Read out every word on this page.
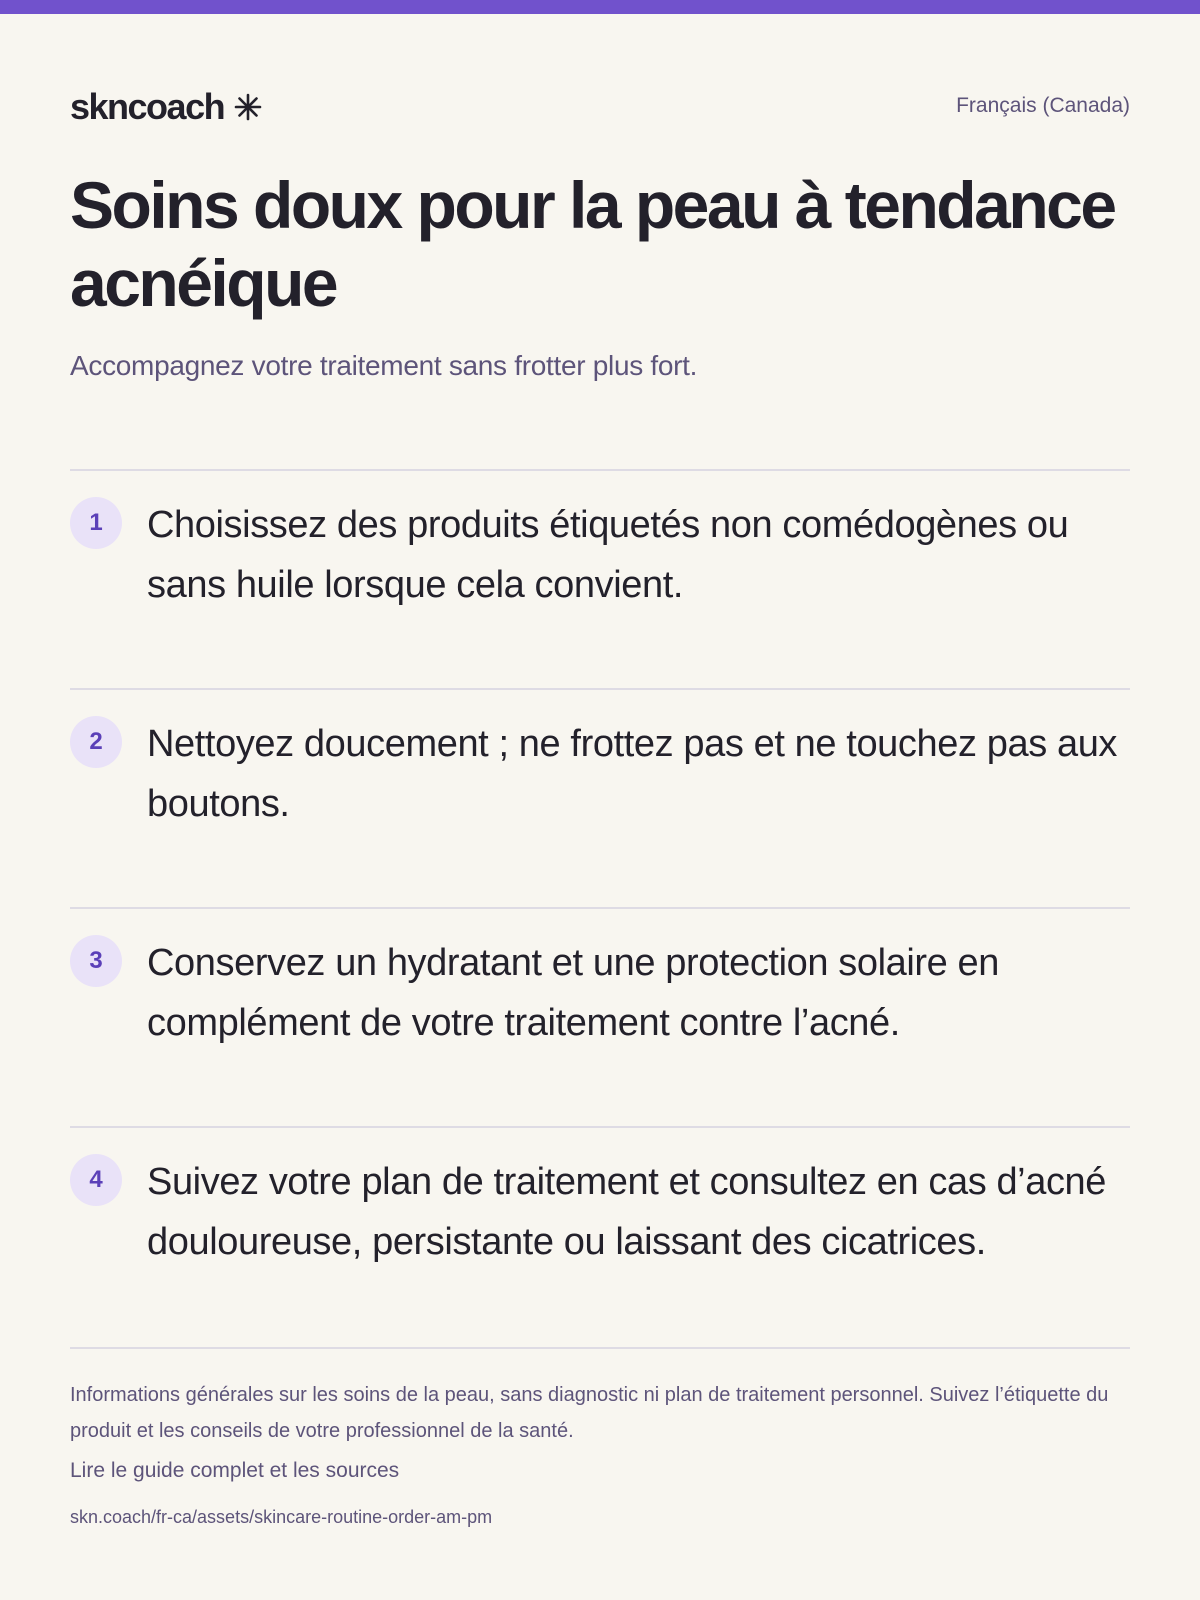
skncoach	Français (Canada)
Soins doux pour la peau à tendance acnéique

Accompagnez votre traitement sans frotter plus fort.

1	Choisissez des produits étiquetés non comédogènes ou sans huile lorsque cela convient.
2	Nettoyez doucement ; ne frottez pas et ne touchez pas aux boutons.
3	Conservez un hydratant et une protection solaire en complément de votre traitement contre l’acné.
4	Suivez votre plan de traitement et consultez en cas d’acné douloureuse, persistante ou laissant des cicatrices.

Informations générales sur les soins de la peau, sans diagnostic ni plan de traitement personnel. Suivez l’étiquette du produit et les conseils de votre professionnel de la santé.

Lire le guide complet et les sources
skn.coach/fr-ca/assets/skincare-routine-order-am-pm
